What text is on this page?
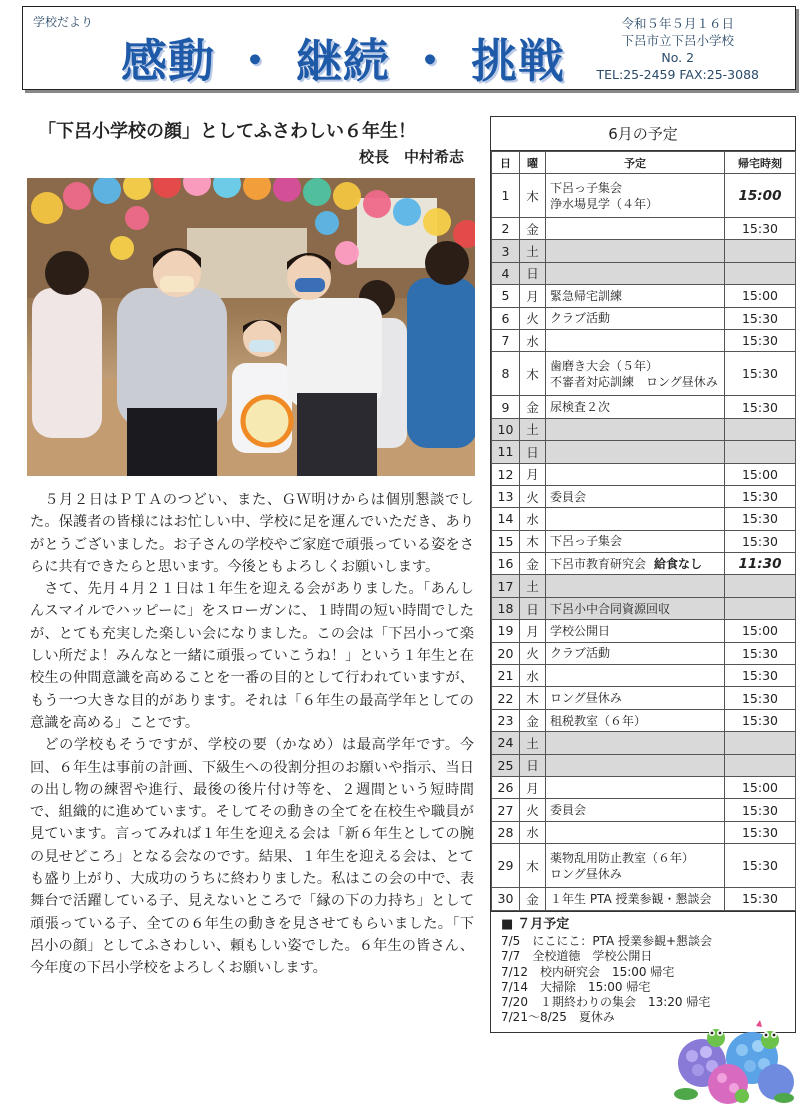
学校だより
感動 ・ 継続 ・ 挑戦
令和５年５月１６日
下呂市立下呂小学校
No. 2
TEL:25-2459 FAX:25-3088
「下呂小学校の顔」としてふさわしい６年生！
校長　中村希志

５月２日はＰＴＡのつどい、また、ＧＷ明けからは個別懇談でした。保護者の皆様にはお忙しい中、学校に足を運んでいただき、ありがとうございました。お子さんの学校やご家庭で頑張っている姿をさらに共有できたらと思います。今後ともよろしくお願いします。

さて、先月４月２１日は１年生を迎える会がありました。「あんしんスマイルでハッピーに」をスローガンに、１時間の短い時間でしたが、とても充実した楽しい会になりました。この会は「下呂小って楽しい所だよ！みんなと一緒に頑張っていこうね！」という１年生と在校生の仲間意識を高めることを一番の目的として行われていますが、もう一つ大きな目的があります。それは「６年生の最高学年としての意識を高める」ことです。

どの学校もそうですが、学校の要（かなめ）は最高学年です。今回、６年生は事前の計画、下級生への役割分担のお願いや指示、当日の出し物の練習や進行、最後の後片付け等を、２週間という短時間で、組織的に進めています。そしてその動きの全てを在校生や職員が見ています。言ってみれば１年生を迎える会は「新６年生としての腕の見せどころ」となる会なのです。結果、１年生を迎える会は、とても盛り上がり、大成功のうちに終わりました。私はこの会の中で、表舞台で活躍している子、見えないところで「縁の下の力持ち」として頑張っている子、全ての６年生の動きを見させてもらいました。「下呂小の顔」としてふさわしい、頼もしい姿でした。６年生の皆さん、今年度の下呂小学校をよろしくお願いします。

6月の予定
日	曜	予定	帰宅時刻
1	木	下呂っ子集会
浄水場見学（４年）	15:00
2	金		15:30
3	土	

4	日	

5	月	緊急帰宅訓練	15:00
6	火	クラブ活動	15:30
7	水		15:30
8	木	歯磨き大会（５年）
不審者対応訓練　ロング昼休み	15:30
9	金	尿検査２次	15:30
10	土	

11	日	

12	月		15:00
13	火	委員会	15:30
14	水		15:30
15	木	下呂っ子集会	15:30
16	金	下呂市教育研究会 給食なし	11:30
17	土	

18	日	下呂小中合同資源回収	

19	月	学校公開日	15:00
20	火	クラブ活動	15:30
21	水		15:30
22	木	ロング昼休み	15:30
23	金	租税教室（６年）	15:30
24	土	

25	日	

26	月		15:00
27	火	委員会	15:30
28	水		15:30
29	木	薬物乱用防止教室（６年）
ロング昼休み	15:30
30	金	１年生 PTA 授業参観・懇談会	15:30
■ ７月予定
7/5　にこにこ：PTA 授業参観+懇談会
7/7　全校道徳　学校公開日
7/12　校内研究会　15:00 帰宅
7/14　大掃除　15:00 帰宅
7/20　１期終わりの集会　13:20 帰宅
7/21～8/25　夏休み
